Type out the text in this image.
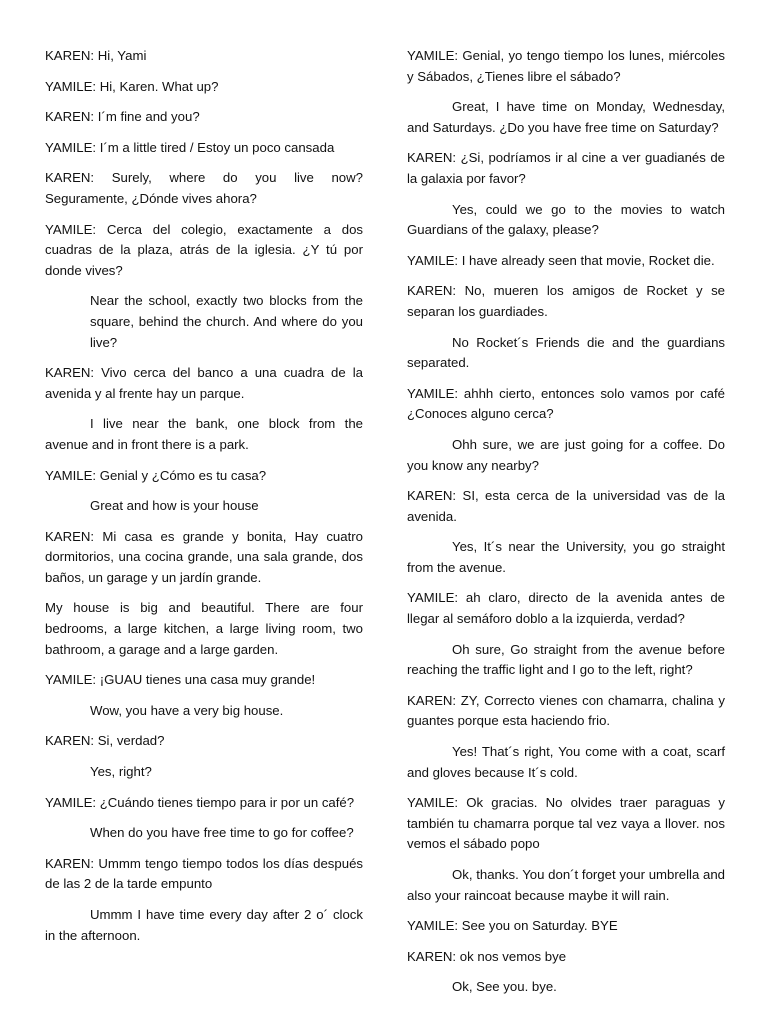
KAREN: Hi, Yami

YAMILE: Hi, Karen. What up?

KAREN: I´m fine and you?

YAMILE: I´m a little tired / Estoy un poco cansada

KAREN: Surely, where do you live now? Seguramente, ¿Dónde vives ahora?

YAMILE: Cerca del colegio, exactamente a dos cuadras de la plaza, atrás de la iglesia. ¿Y tú por donde vives?

Near the school, exactly two blocks from the square, behind the church. And where do you live?

KAREN: Vivo cerca del banco a una cuadra de la avenida y al frente hay un parque.

I live near the bank, one block from the avenue and in front there is a park.

YAMILE: Genial y ¿Cómo es tu casa?

Great and how is your house

KAREN: Mi casa es grande y bonita, Hay cuatro dormitorios, una cocina grande, una sala grande, dos baños, un garage y un jardín grande.

My house is big and beautiful. There are four bedrooms, a large kitchen, a large living room, two bathroom, a garage and a large garden.

YAMILE: ¡GUAU tienes una casa muy grande!

Wow, you have a very big house.

KAREN: Si, verdad?

Yes, right?

YAMILE: ¿Cuándo tienes tiempo para ir por un café?

When do you have free time to go for coffee?

KAREN: Ummm tengo tiempo todos los días después de las 2 de la tarde empunto

Ummm I have time every day after 2 o´ clock in the afternoon.

YAMILE: Genial, yo tengo tiempo los lunes, miércoles y Sábados, ¿Tienes libre el sábado?

Great, I have time on Monday, Wednesday, and Saturdays. ¿Do you have free time on Saturday?

KAREN: ¿Si, podríamos ir al cine a ver guadianés de la galaxia por favor?

Yes, could we go to the movies to watch Guardians of the galaxy, please?

YAMILE: I have already seen that movie, Rocket die.

KAREN: No, mueren los amigos de Rocket y se separan los guardiades.

No Rocket´s Friends die and the guardians separated.

YAMILE: ahhh cierto, entonces solo vamos por café ¿Conoces alguno cerca?

Ohh sure, we are just going for a coffee. Do you know any nearby?

KAREN: SI, esta cerca de la universidad vas de la avenida.

Yes, It´s near the University, you go straight from the avenue.

YAMILE: ah claro, directo de la avenida antes de llegar al semáforo doblo a la izquierda, verdad?

Oh sure, Go straight from the avenue before reaching the traffic light and I go to the left, right?

KAREN: ZY, Correcto vienes con chamarra, chalina y guantes porque esta haciendo frio.

Yes! That´s right, You come with a coat, scarf and gloves because It´s cold.

YAMILE: Ok gracias. No olvides traer paraguas y también tu chamarra porque tal vez vaya a llover. nos vemos el sábado popo

Ok, thanks. You don´t forget your umbrella and also your raincoat because maybe it will rain.

YAMILE: See you on Saturday. BYE

KAREN: ok nos vemos bye

Ok, See you. bye.
